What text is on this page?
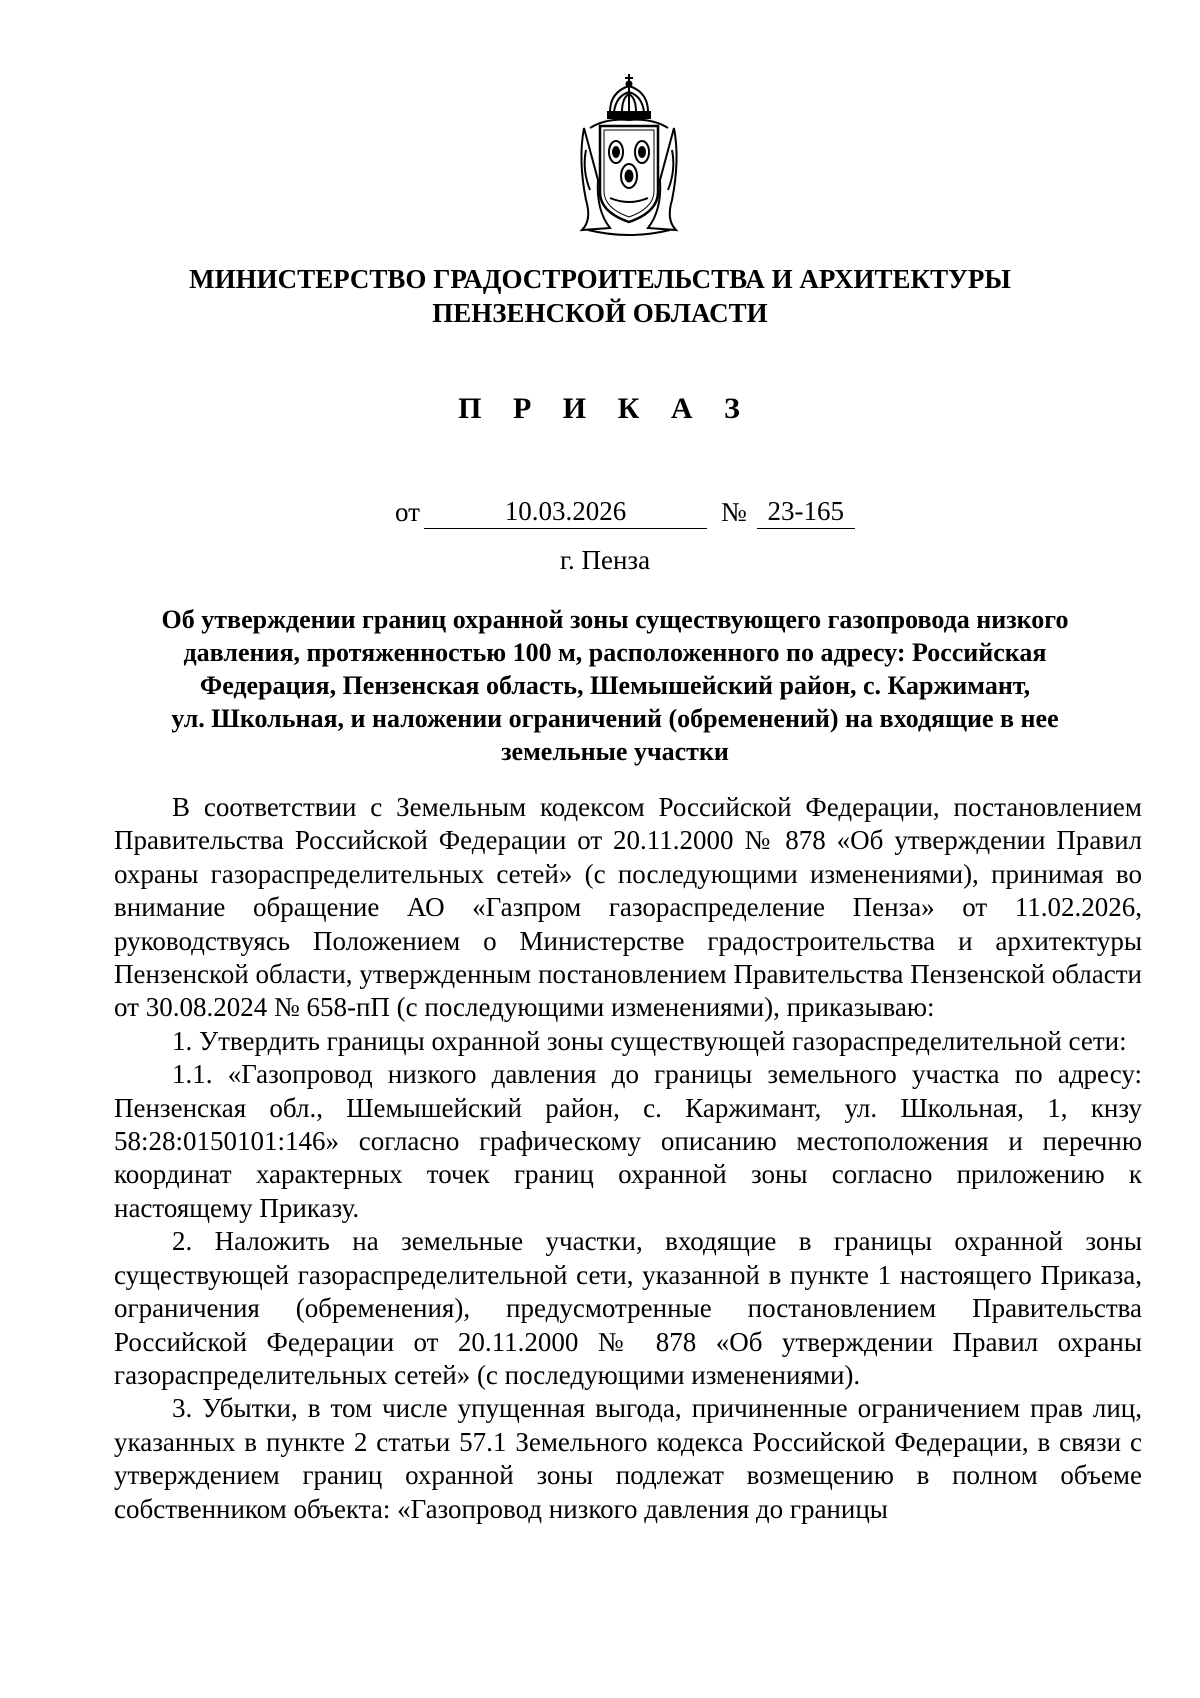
МИНИСТЕРСТВО ГРАДОСТРОИТЕЛЬСТВА И АРХИТЕКТУРЫ
ПЕНЗЕНСКОЙ ОБЛАСТИ
П Р И К А З
от	10.03.2026	№ 23-165
г. Пенза
Об утверждении границ охранной зоны существующего газопровода низкого
давления, протяженностью 100 м, расположенного по адресу: Российская
Федерация, Пензенская область, Шемышейский район, с. Каржимант,
ул. Школьная, и наложении ограничений (обременений) на входящие в нее
земельные участки

В соответствии с Земельным кодексом Российской Федерации, постановлением Правительства Российской Федерации от 20.11.2000 № 878 «Об утверждении Правил охраны газораспределительных сетей» (с последующими изменениями), принимая во внимание обращение АО «Газпром газораспределение Пенза» от 11.02.2026, руководствуясь Положением о Министерстве градостроительства и архитектуры Пензенской области, утвержденным постановлением Правительства Пензенской области от 30.08.2024 № 658-пП (с последующими изменениями), приказываю:

1. Утвердить границы охранной зоны существующей газораспределительной сети:

1.1. «Газопровод низкого давления до границы земельного участка по адресу: Пензенская обл., Шемышейский район, с. Каржимант, ул. Школьная, 1, кнзу 58:28:0150101:146» согласно графическому описанию местоположения и перечню координат характерных точек границ охранной зоны согласно приложению к настоящему Приказу.

2. Наложить на земельные участки, входящие в границы охранной зоны существующей газораспределительной сети, указанной в пункте 1 настоящего Приказа, ограничения (обременения), предусмотренные постановлением Правительства Российской Федерации от 20.11.2000 № 878 «Об утверждении Правил охраны газораспределительных сетей» (с последующими изменениями).

3. Убытки, в том числе упущенная выгода, причиненные ограничением прав лиц, указанных в пункте 2 статьи 57.1 Земельного кодекса Российской Федерации, в связи с утверждением границ охранной зоны подлежат возмещению в полном объеме собственником объекта: «Газопровод низкого давления до границы
